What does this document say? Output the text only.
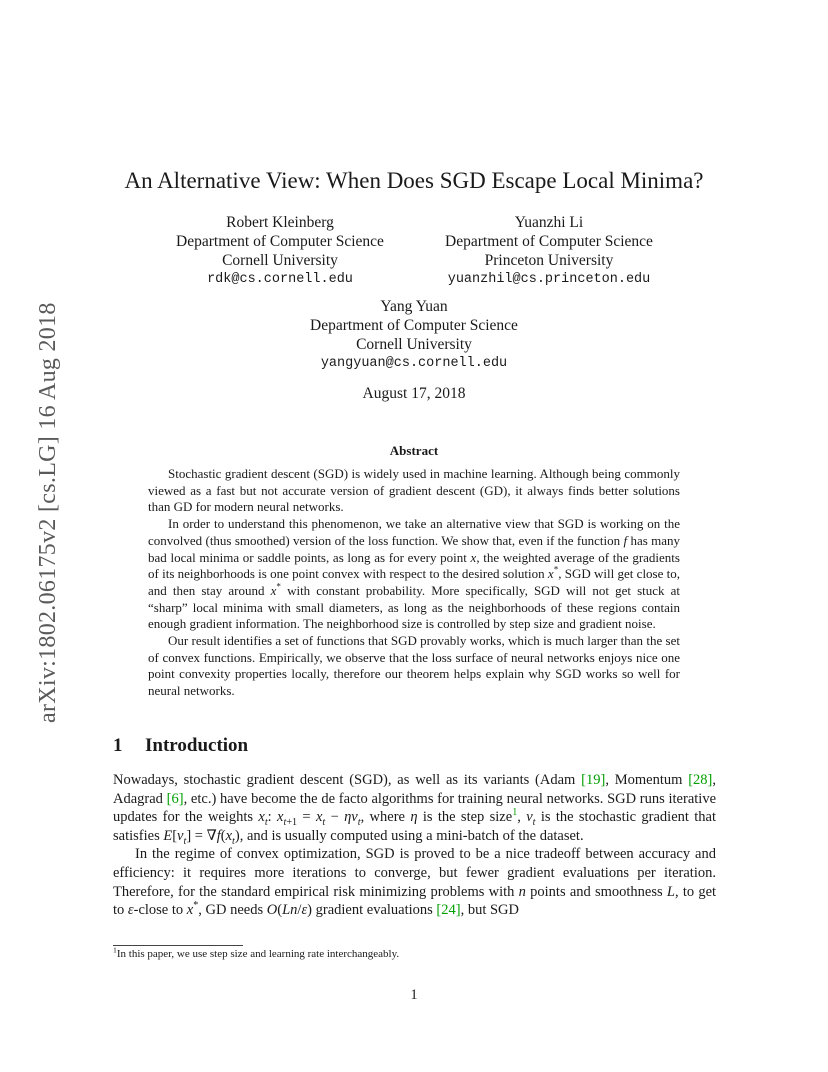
arXiv:1802.06175v2 [cs.LG] 16 Aug 2018
An Alternative View: When Does SGD Escape Local Minima?
Robert Kleinberg
Department of Computer Science
Cornell University
rdk@cs.cornell.edu
Yuanzhi Li
Department of Computer Science
Princeton University
yuanzhil@cs.princeton.edu
Yang Yuan
Department of Computer Science
Cornell University
yangyuan@cs.cornell.edu
August 17, 2018
Abstract

Stochastic gradient descent (SGD) is widely used in machine learning. Although being commonly viewed as a fast but not accurate version of gradient descent (GD), it always finds better solutions than GD for modern neural networks.

In order to understand this phenomenon, we take an alternative view that SGD is working on the convolved (thus smoothed) version of the loss function. We show that, even if the function f has many bad local minima or saddle points, as long as for every point x, the weighted average of the gradients of its neighborhoods is one point convex with respect to the desired solution x*, SGD will get close to, and then stay around x* with constant probability. More specifically, SGD will not get stuck at “sharp” local minima with small diameters, as long as the neighborhoods of these regions contain enough gradient information. The neighborhood size is controlled by step size and gradient noise.

Our result identifies a set of functions that SGD provably works, which is much larger than the set of convex functions. Empirically, we observe that the loss surface of neural networks enjoys nice one point convexity properties locally, therefore our theorem helps explain why SGD works so well for neural networks.

1 Introduction

Nowadays, stochastic gradient descent (SGD), as well as its variants (Adam [19], Momentum [28], Adagrad [6], etc.) have become the de facto algorithms for training neural networks. SGD runs iterative updates for the weights $x_t$: $x_{t+1} = x_t - \eta v_t$, where η is the step size$^1$, $v_t$ is the stochastic gradient that satisfies $E[v_t] = \nabla f(x_t)$, and is usually computed using a mini-batch of the dataset.

In the regime of convex optimization, SGD is proved to be a nice tradeoff between accuracy and efficiency: it requires more iterations to converge, but fewer gradient evaluations per iteration. Therefore, for the standard empirical risk minimizing problems with n points and smoothness L, to get to ε-close to x*, GD needs O(Ln/ε) gradient evaluations [24], but SGD

$^1$In this paper, we use step size and learning rate interchangeably.
1
